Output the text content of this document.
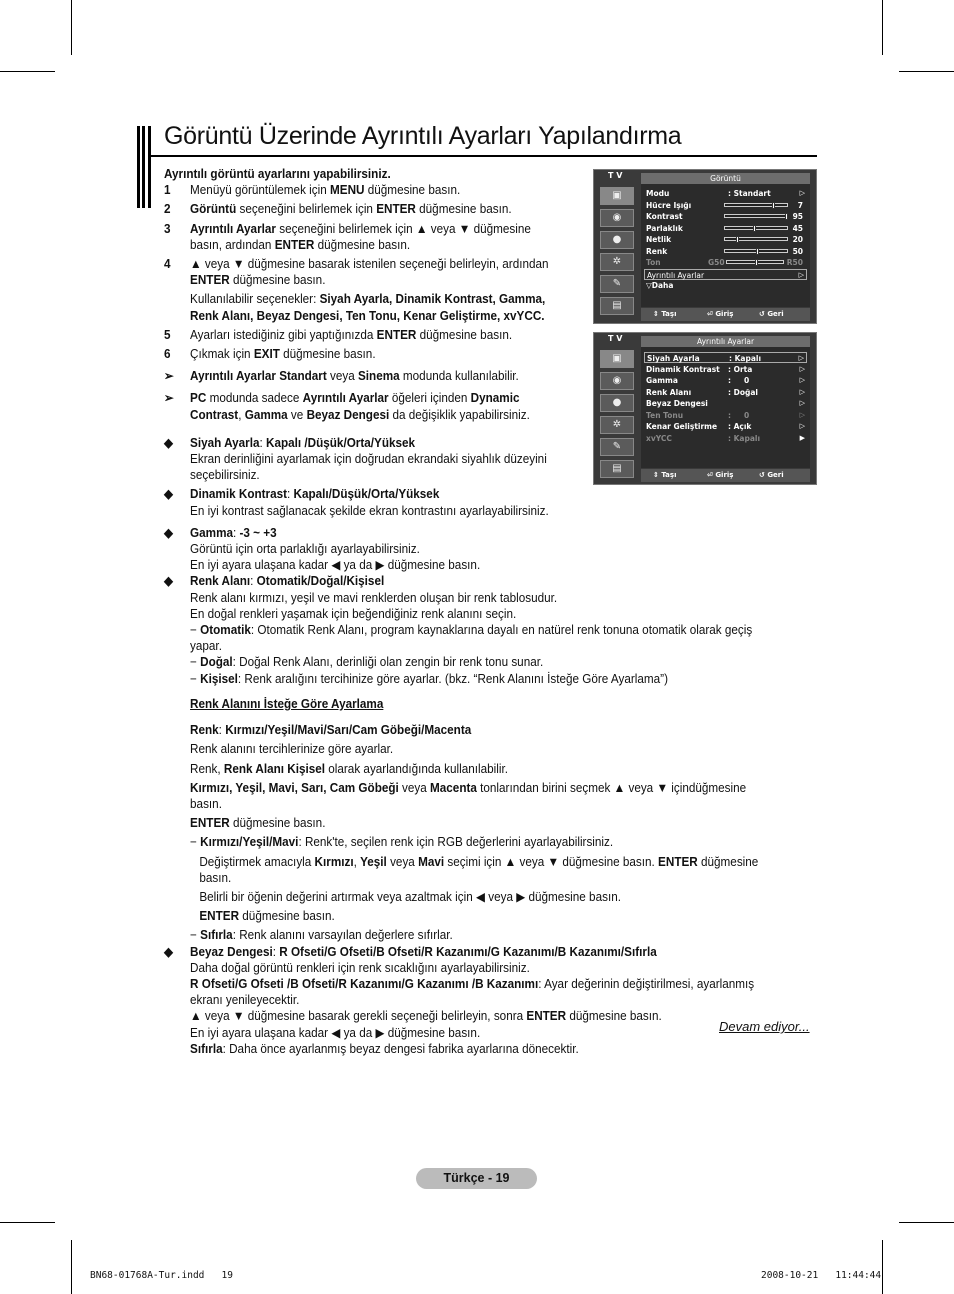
Görüntü Üzerinde Ayrıntılı Ayarları Yapılandırma

Ayrıntılı görüntü ayarlarını yapabilirsiniz.

1 Menüyü görüntülemek için MENU düğmesine basın.

2 Görüntü seçeneğini belirlemek için ENTER düğmesine basın.

3 Ayrıntılı Ayarlar seçeneğini belirlemek için ▲ veya ▼ düğmesine
basın, ardından ENTER düğmesine basın.

4 ▲ veya ▼ düğmesine basarak istenilen seçeneği belirleyin, ardından
ENTER düğmesine basın.

Kullanılabilir seçenekler: Siyah Ayarla, Dinamik Kontrast, Gamma,
Renk Alanı, Beyaz Dengesi, Ten Tonu, Kenar Geliştirme, xvYCC.

5 Ayarları istediğiniz gibi yaptığınızda ENTER düğmesine basın.

6 Çıkmak için EXIT düğmesine basın.

➢ Ayrıntılı Ayarlar Standart veya Sinema modunda kullanılabilir.

➢ PC modunda sadece Ayrıntılı Ayarlar öğeleri içinden Dynamic
Contrast, Gamma ve Beyaz Dengesi da değişiklik yapabilirsiniz.

◆ Siyah Ayarla: Kapalı /Düşük/Orta/Yüksek
Ekran derinliğini ayarlamak için doğrudan ekrandaki siyahlık düzeyini
seçebilirsiniz.

◆ Dinamik Kontrast: Kapalı/Düşük/Orta/Yüksek
En iyi kontrast sağlanacak şekilde ekran kontrastını ayarlayabilirsiniz.

◆ Gamma: -3 ~ +3
Görüntü için orta parlaklığı ayarlayabilirsiniz.
En iyi ayara ulaşana kadar ◀ ya da ▶ düğmesine basın.

◆ Renk Alanı: Otomatik/Doğal/Kişisel
Renk alanı kırmızı, yeşil ve mavi renklerden oluşan bir renk tablosudur.
En doğal renkleri yaşamak için beğendiğiniz renk alanını seçin.
− Otomatik: Otomatik Renk Alanı, program kaynaklarına dayalı en natürel renk tonuna otomatik olarak geçiş yapar.
− Doğal: Doğal Renk Alanı, derinliği olan zengin bir renk tonu sunar.
− Kişisel: Renk aralığını tercihinize göre ayarlar. (bkz. “Renk Alanını İsteğe Göre Ayarlama”)

Renk Alanını İsteğe Göre Ayarlama

Renk: Kırmızı/Yeşil/Mavi/Sarı/Cam Göbeği/Macenta

Renk alanını tercihlerinize göre ayarlar.

Renk, Renk Alanı Kişisel olarak ayarlandığında kullanılabilir.

Kırmızı, Yeşil, Mavi, Sarı, Cam Göbeği veya Macenta tonlarından birini seçmek ▲ veya ▼ içindüğmesine basın.

ENTER düğmesine basın.

− Kırmızı/Yeşil/Mavi: Renk'te, seçilen renk için RGB değerlerini ayarlayabilirsiniz.

Değiştirmek amacıyla Kırmızı, Yeşil veya Mavi seçimi için ▲ veya ▼ düğmesine basın. ENTER düğmesine basın.

Belirli bir öğenin değerini artırmak veya azaltmak için ◀ veya ▶ düğmesine basın.

ENTER düğmesine basın.

− Sıfırla: Renk alanını varsayılan değerlere sıfırlar.

◆ Beyaz Dengesi: R Ofseti/G Ofseti/B Ofseti/R Kazanımı/G Kazanımı/B Kazanımı/Sıfırla
Daha doğal görüntü renkleri için renk sıcaklığını ayarlayabilirsiniz.
R Ofseti/G Ofseti /B Ofseti/R Kazanımı/G Kazanımı /B Kazanımı: Ayar değerinin değiştirilmesi, ayarlanmış
ekranı yenileyecektir.
▲ veya ▼ düğmesine basarak gerekli seçeneği belirleyin, sonra ENTER düğmesine basın.
En iyi ayara ulaşana kadar ◀ ya da ▶ düğmesine basın.
Sıfırla: Daha önce ayarlanmış beyaz dengesi fabrika ayarlarına dönecektir.

T V	Görüntü
▣
◉
●
✲
✎
▤
Modu	: Standart	▷
Hücre Işığı	7
Kontrast	95
Parlaklık	45
Netlik	20
Renk	50
Ton	G50	R50
Ayrıntılı Ayarlar	▷
▽Daha
⇕ Taşı	⏎ Giriş	↺ Geri
T V	Ayrıntılı Ayarlar
▣
◉
●
✲
✎
▤
Siyah Ayarla	: Kapalı	▷
Dinamik Kontrast : Orta	▷
Gamma	:     0	▷
Renk Alanı	: Doğal	▷
Beyaz Dengesi	▷
Ten Tonu	:     0	▷
Kenar Geliştirme : Açık	▷
xvYCC	: Kapalı	▶
⇕ Taşı	⏎ Giriş	↺ Geri
Devam ediyor...
Türkçe - 19
BN68-01768A-Tur.indd   19	2008-10-21   11:44:44
